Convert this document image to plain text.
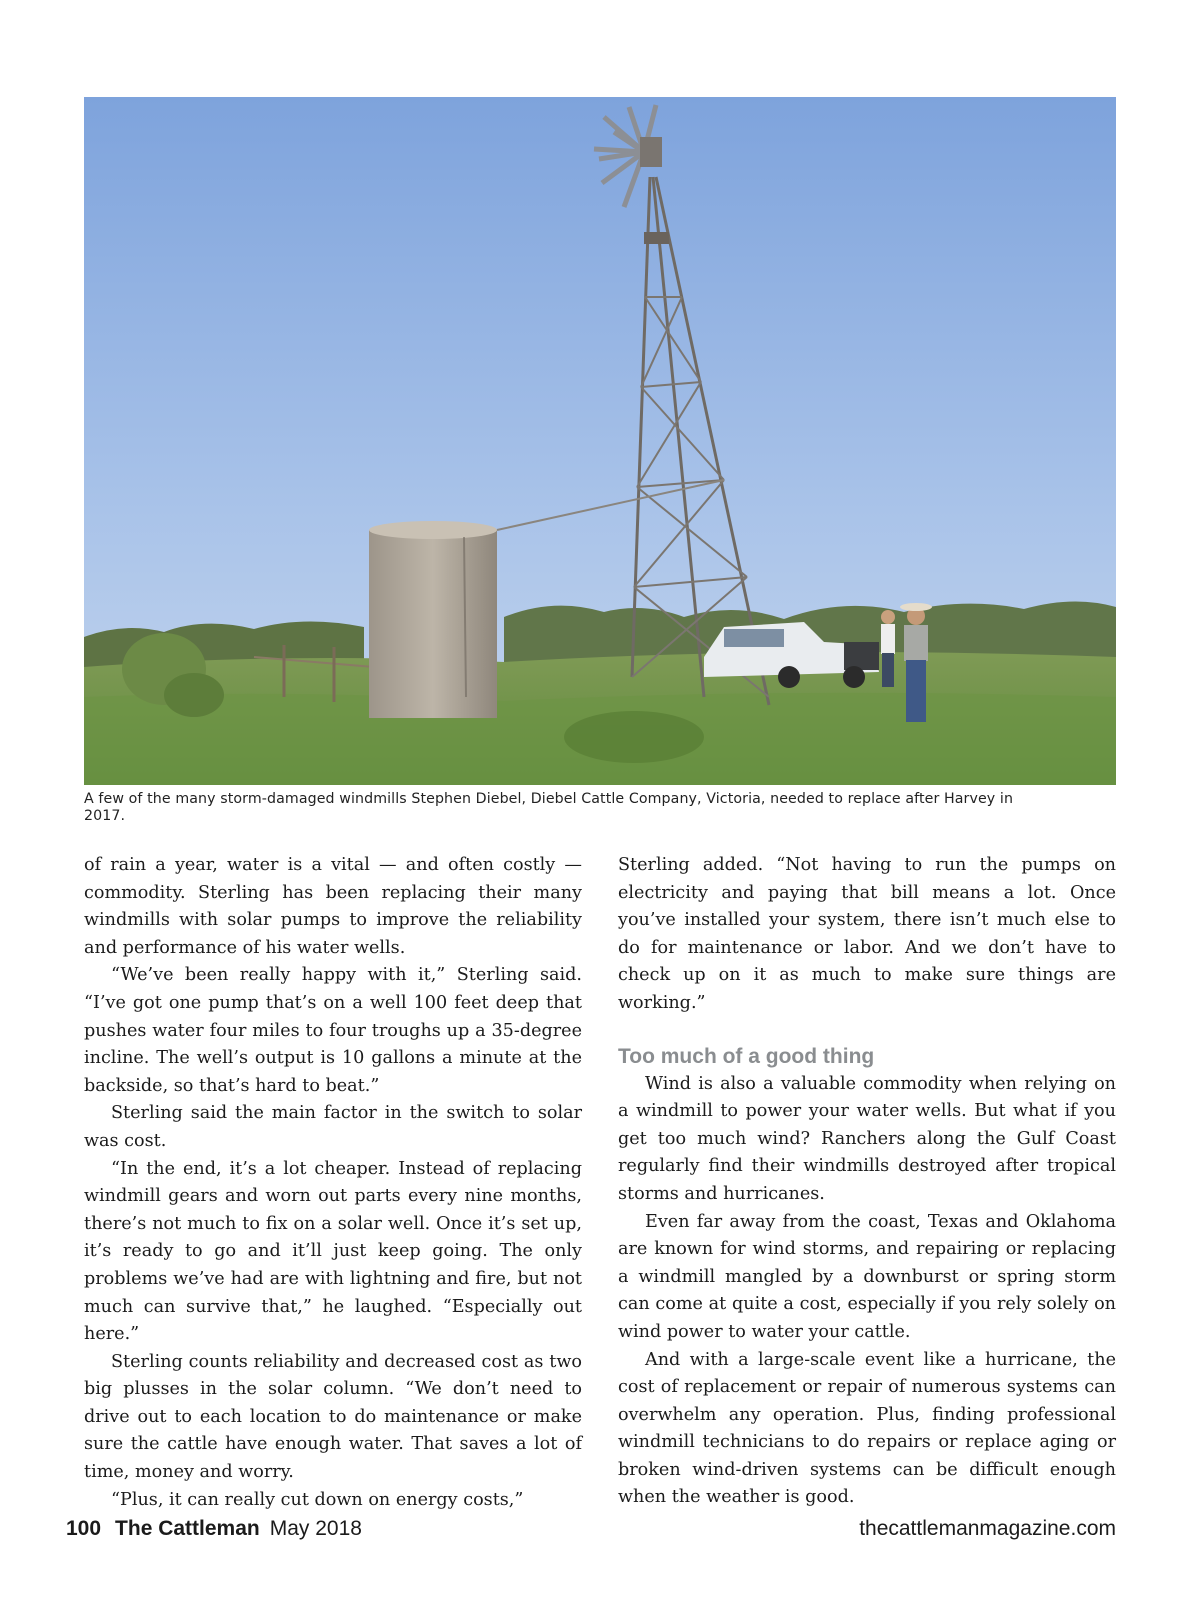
A few of the many storm-damaged windmills Stephen Diebel, Diebel Cattle Company, Victoria, needed to replace after Harvey in 2017.

of rain a year, water is a vital — and often costly — commodity. Sterling has been replacing their many windmills with solar pumps to improve the reliability and performance of his water wells.

“We’ve been really happy with it,” Sterling said. “I’ve got one pump that’s on a well 100 feet deep that pushes water four miles to four troughs up a 35-degree incline. The well’s output is 10 gallons a minute at the backside, so that’s hard to beat.”

Sterling said the main factor in the switch to solar was cost.

“In the end, it’s a lot cheaper. Instead of replacing windmill gears and worn out parts every nine months, there’s not much to fix on a solar well. Once it’s set up, it’s ready to go and it’ll just keep going. The only problems we’ve had are with lightning and fire, but not much can survive that,” he laughed. “Especially out here.”

Sterling counts reliability and decreased cost as two big plusses in the solar column. “We don’t need to drive out to each location to do maintenance or make sure the cattle have enough water. That saves a lot of time, money and worry.

“Plus, it can really cut down on energy costs,”

Sterling added. “Not having to run the pumps on electricity and paying that bill means a lot. Once you’ve installed your system, there isn’t much else to do for maintenance or labor. And we don’t have to check up on it as much to make sure things are working.”

Too much of a good thing

Wind is also a valuable commodity when relying on a windmill to power your water wells. But what if you get too much wind? Ranchers along the Gulf Coast regularly find their windmills destroyed after tropical storms and hurricanes.

Even far away from the coast, Texas and Oklahoma are known for wind storms, and repairing or replacing a windmill mangled by a downburst or spring storm can come at quite a cost, especially if you rely solely on wind power to water your cattle.

And with a large-scale event like a hurricane, the cost of replacement or repair of numerous systems can overwhelm any operation. Plus, finding professional windmill technicians to do repairs or replace aging or broken wind-driven systems can be difficult enough when the weather is good.

100 The Cattleman May 2018	thecattlemanmagazine.com
